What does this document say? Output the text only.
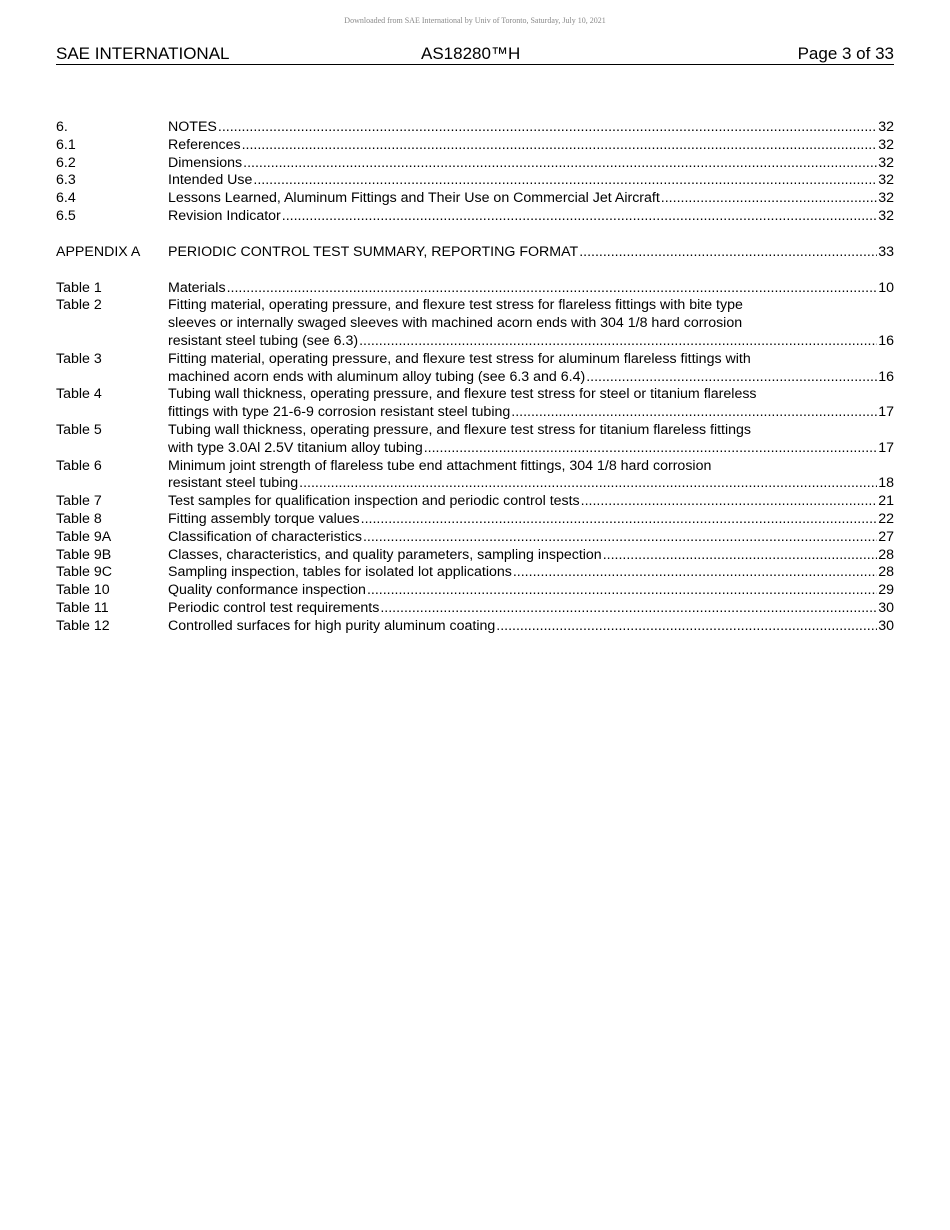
Downloaded from SAE International by Univ of Toronto, Saturday, July 10, 2021
SAE INTERNATIONAL	AS18280™H	Page 3 of 33
6.	NOTES .....	32
6.1	References .....	32
6.2	Dimensions .....	32
6.3	Intended Use .....	32
6.4	Lessons Learned, Aluminum Fittings and Their Use on Commercial Jet Aircraft .....	32
6.5	Revision Indicator .....	32
APPENDIX A	PERIODIC CONTROL TEST SUMMARY, REPORTING FORMAT .....	33
Table 1	Materials .....	10
Table 2	Fitting material, operating pressure, and flexure test stress for flareless fittings with bite type
sleeves or internally swaged sleeves with machined acorn ends with 304 1/8 hard corrosion
resistant steel tubing (see 6.3) .....	16
Table 3	Fitting material, operating pressure, and flexure test stress for aluminum flareless fittings with
machined acorn ends with aluminum alloy tubing (see 6.3 and 6.4) .....	16
Table 4	Tubing wall thickness, operating pressure, and flexure test stress for steel or titanium flareless
fittings with type 21-6-9 corrosion resistant steel tubing .....	17
Table 5	Tubing wall thickness, operating pressure, and flexure test stress for titanium flareless fittings
with type 3.0Al 2.5V titanium alloy tubing .....	17
Table 6	Minimum joint strength of flareless tube end attachment fittings, 304 1/8 hard corrosion
resistant steel tubing .....	18
Table 7	Test samples for qualification inspection and periodic control tests .....	21
Table 8	Fitting assembly torque values .....	22
Table 9A	Classification of characteristics .....	27
Table 9B	Classes, characteristics, and quality parameters, sampling inspection .....	28
Table 9C	Sampling inspection, tables for isolated lot applications .....	28
Table 10	Quality conformance inspection .....	29
Table 11	Periodic control test requirements .....	30
Table 12	Controlled surfaces for high purity aluminum coating .....	30
